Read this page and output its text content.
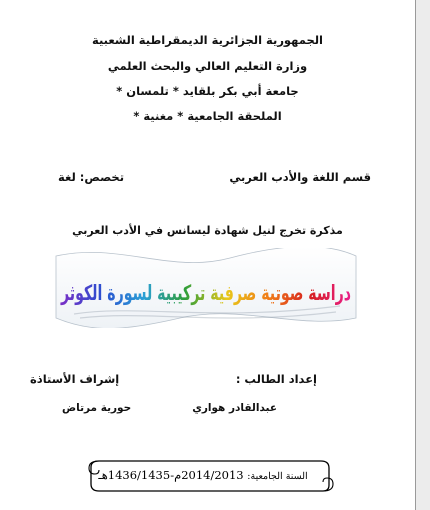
الجمهورية الجزائرية الديمقراطية الشعبية
وزارة التعليم العالي والبحث العلمي
جامعة أبي بكر بلقايد * تلمسان *
الملحقة الجامعية * مغنية *
قسم اللغة والأدب العربي
تخصص: لغة
مذكرة تخرج لنيل شهادة ليسانس في الأدب العربي
دراسة صوتية صرفية تركيبية لسورة الكوثر
إشراف الأستاذة	إعداد الطالب :
حورية مرتاض	عبدالقادر هواري
السنة الجامعية: 2014/2013م-1436/1435هـ
